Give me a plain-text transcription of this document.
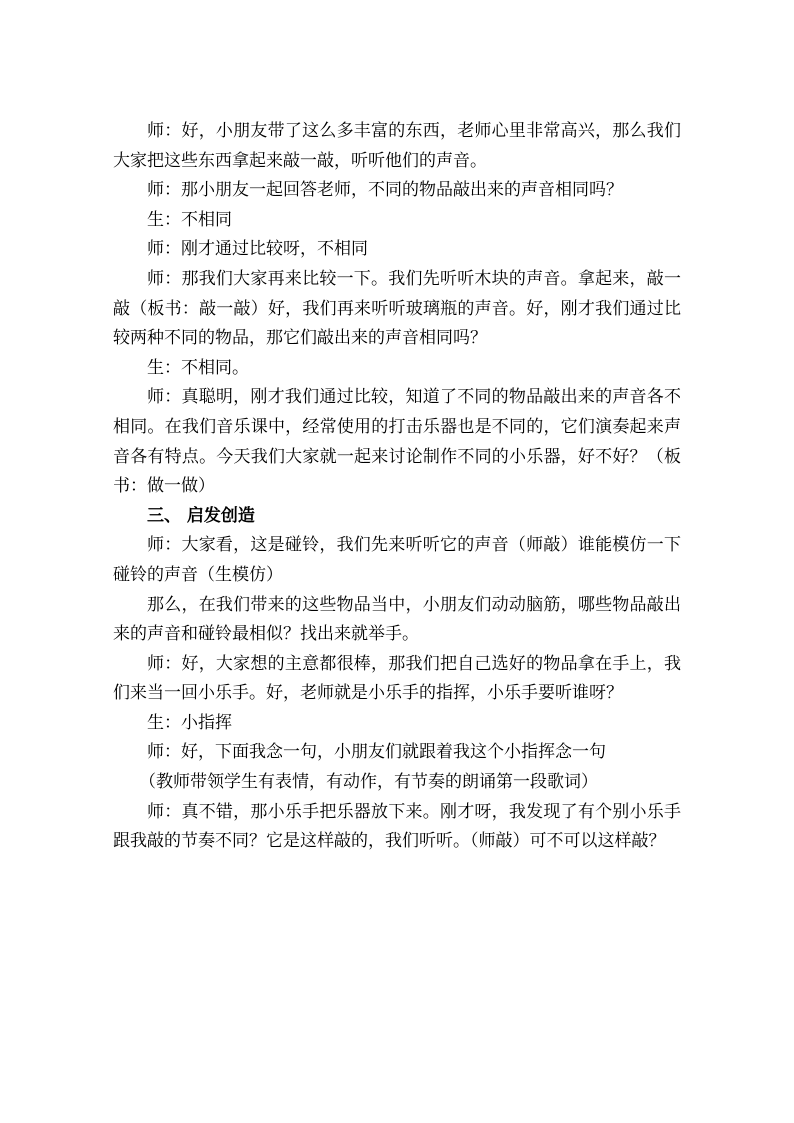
师：好，小朋友带了这么多丰富的东西，老师心里非常高兴，那么我们大家把这些东西拿起来敲一敲，听听他们的声音。

师：那小朋友一起回答老师，不同的物品敲出来的声音相同吗？

生：不相同

师：刚才通过比较呀，不相同

师：那我们大家再来比较一下。我们先听听木块的声音。拿起来，敲一敲（板书：敲一敲）好，我们再来听听玻璃瓶的声音。好，刚才我们通过比较两种不同的物品，那它们敲出来的声音相同吗？

生：不相同。

师：真聪明，刚才我们通过比较，知道了不同的物品敲出来的声音各不相同。在我们音乐课中，经常使用的打击乐器也是不同的，它们演奏起来声音各有特点。今天我们大家就一起来讨论制作不同的小乐器，好不好？（板书：做一做）

三、 启发创造

师：大家看，这是碰铃，我们先来听听它的声音（师敲）谁能模仿一下碰铃的声音（生模仿）

那么，在我们带来的这些物品当中，小朋友们动动脑筋，哪些物品敲出来的声音和碰铃最相似？找出来就举手。

师：好，大家想的主意都很棒，那我们把自己选好的物品拿在手上，我们来当一回小乐手。好，老师就是小乐手的指挥，小乐手要听谁呀？

生：小指挥

师：好，下面我念一句，小朋友们就跟着我这个小指挥念一句

（教师带领学生有表情，有动作，有节奏的朗诵第一段歌词）

师：真不错，那小乐手把乐器放下来。刚才呀，我发现了有个别小乐手跟我敲的节奏不同？它是这样敲的，我们听听。（师敲）可不可以这样敲？
